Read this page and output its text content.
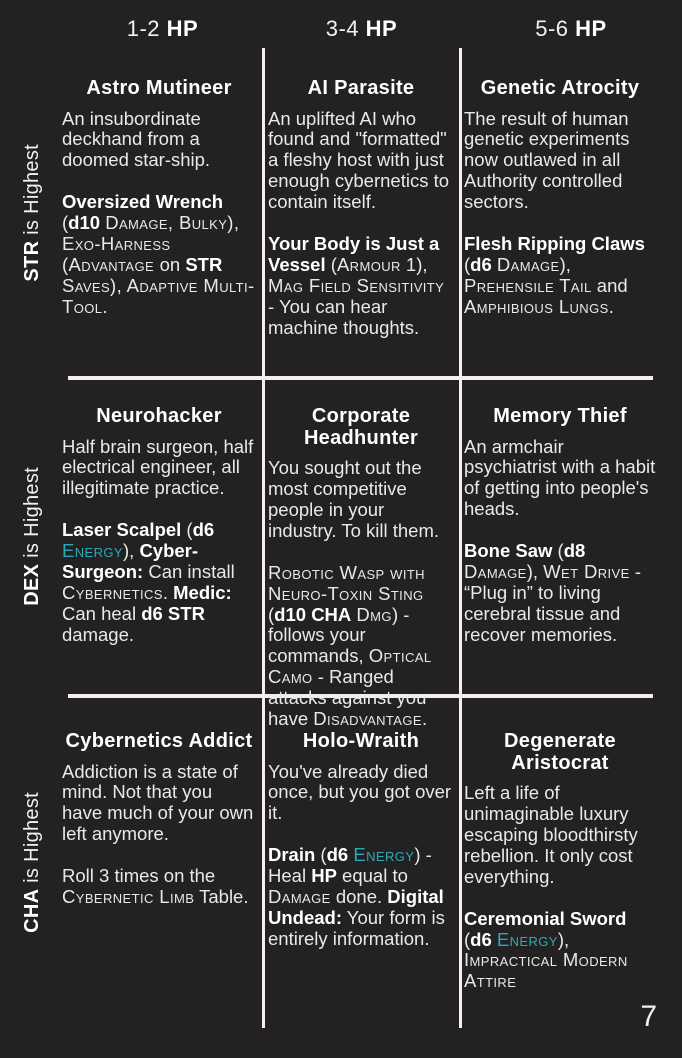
1-2 HP	3-4 HP	5-6 HP
STR is Highest
DEX is Highest
CHA is Highest
Astro Mutineer
An insubordinate deckhand from a doomed star-ship.
Oversized Wrench (d10 Damage, Bulky), Exo-Harness (Advantage on STR Saves), Adaptive Multi-Tool.
AI Parasite
An uplifted AI who found and "formatted" a fleshy host with just enough cybernetics to contain itself.
Your Body is Just a Vessel (Armour 1), Mag Field Sensitivity - You can hear machine thoughts.
Genetic Atrocity
The result of human genetic experiments now outlawed in all Authority controlled sectors.
Flesh Ripping Claws (d6 Damage), Prehensile Tail and Amphibious Lungs.
Neurohacker
Half brain surgeon, half electrical engineer, all illegitimate practice.
Laser Scalpel (d6 Energy), Cyber-Surgeon: Can install Cybernetics. Medic: Can heal d6 STR damage.
Corporate Headhunter
You sought out the most competitive people in your industry. To kill them.
Robotic Wasp with Neuro-Toxin Sting (d10 CHA Dmg) - follows your commands, Optical Camo - Ranged attacks against you have Disadvantage.
Memory Thief
An armchair psychiatrist with a habit of getting into people's heads.
Bone Saw (d8 Damage), Wet Drive - “Plug in” to living cerebral tissue and recover memories.
Cybernetics Addict
Addiction is a state of mind. Not that you have much of your own left anymore.
Roll 3 times on the Cybernetic Limb Table.
Holo-Wraith
You've already died once, but you got over it.
Drain (d6 Energy) - Heal HP equal to Damage done. Digital Undead: Your form is entirely information.
Degenerate Aristocrat
Left a life of unimaginable luxury escaping bloodthirsty rebellion. It only cost everything.
Ceremonial Sword (d6 Energy), Impractical Modern Attire
7
